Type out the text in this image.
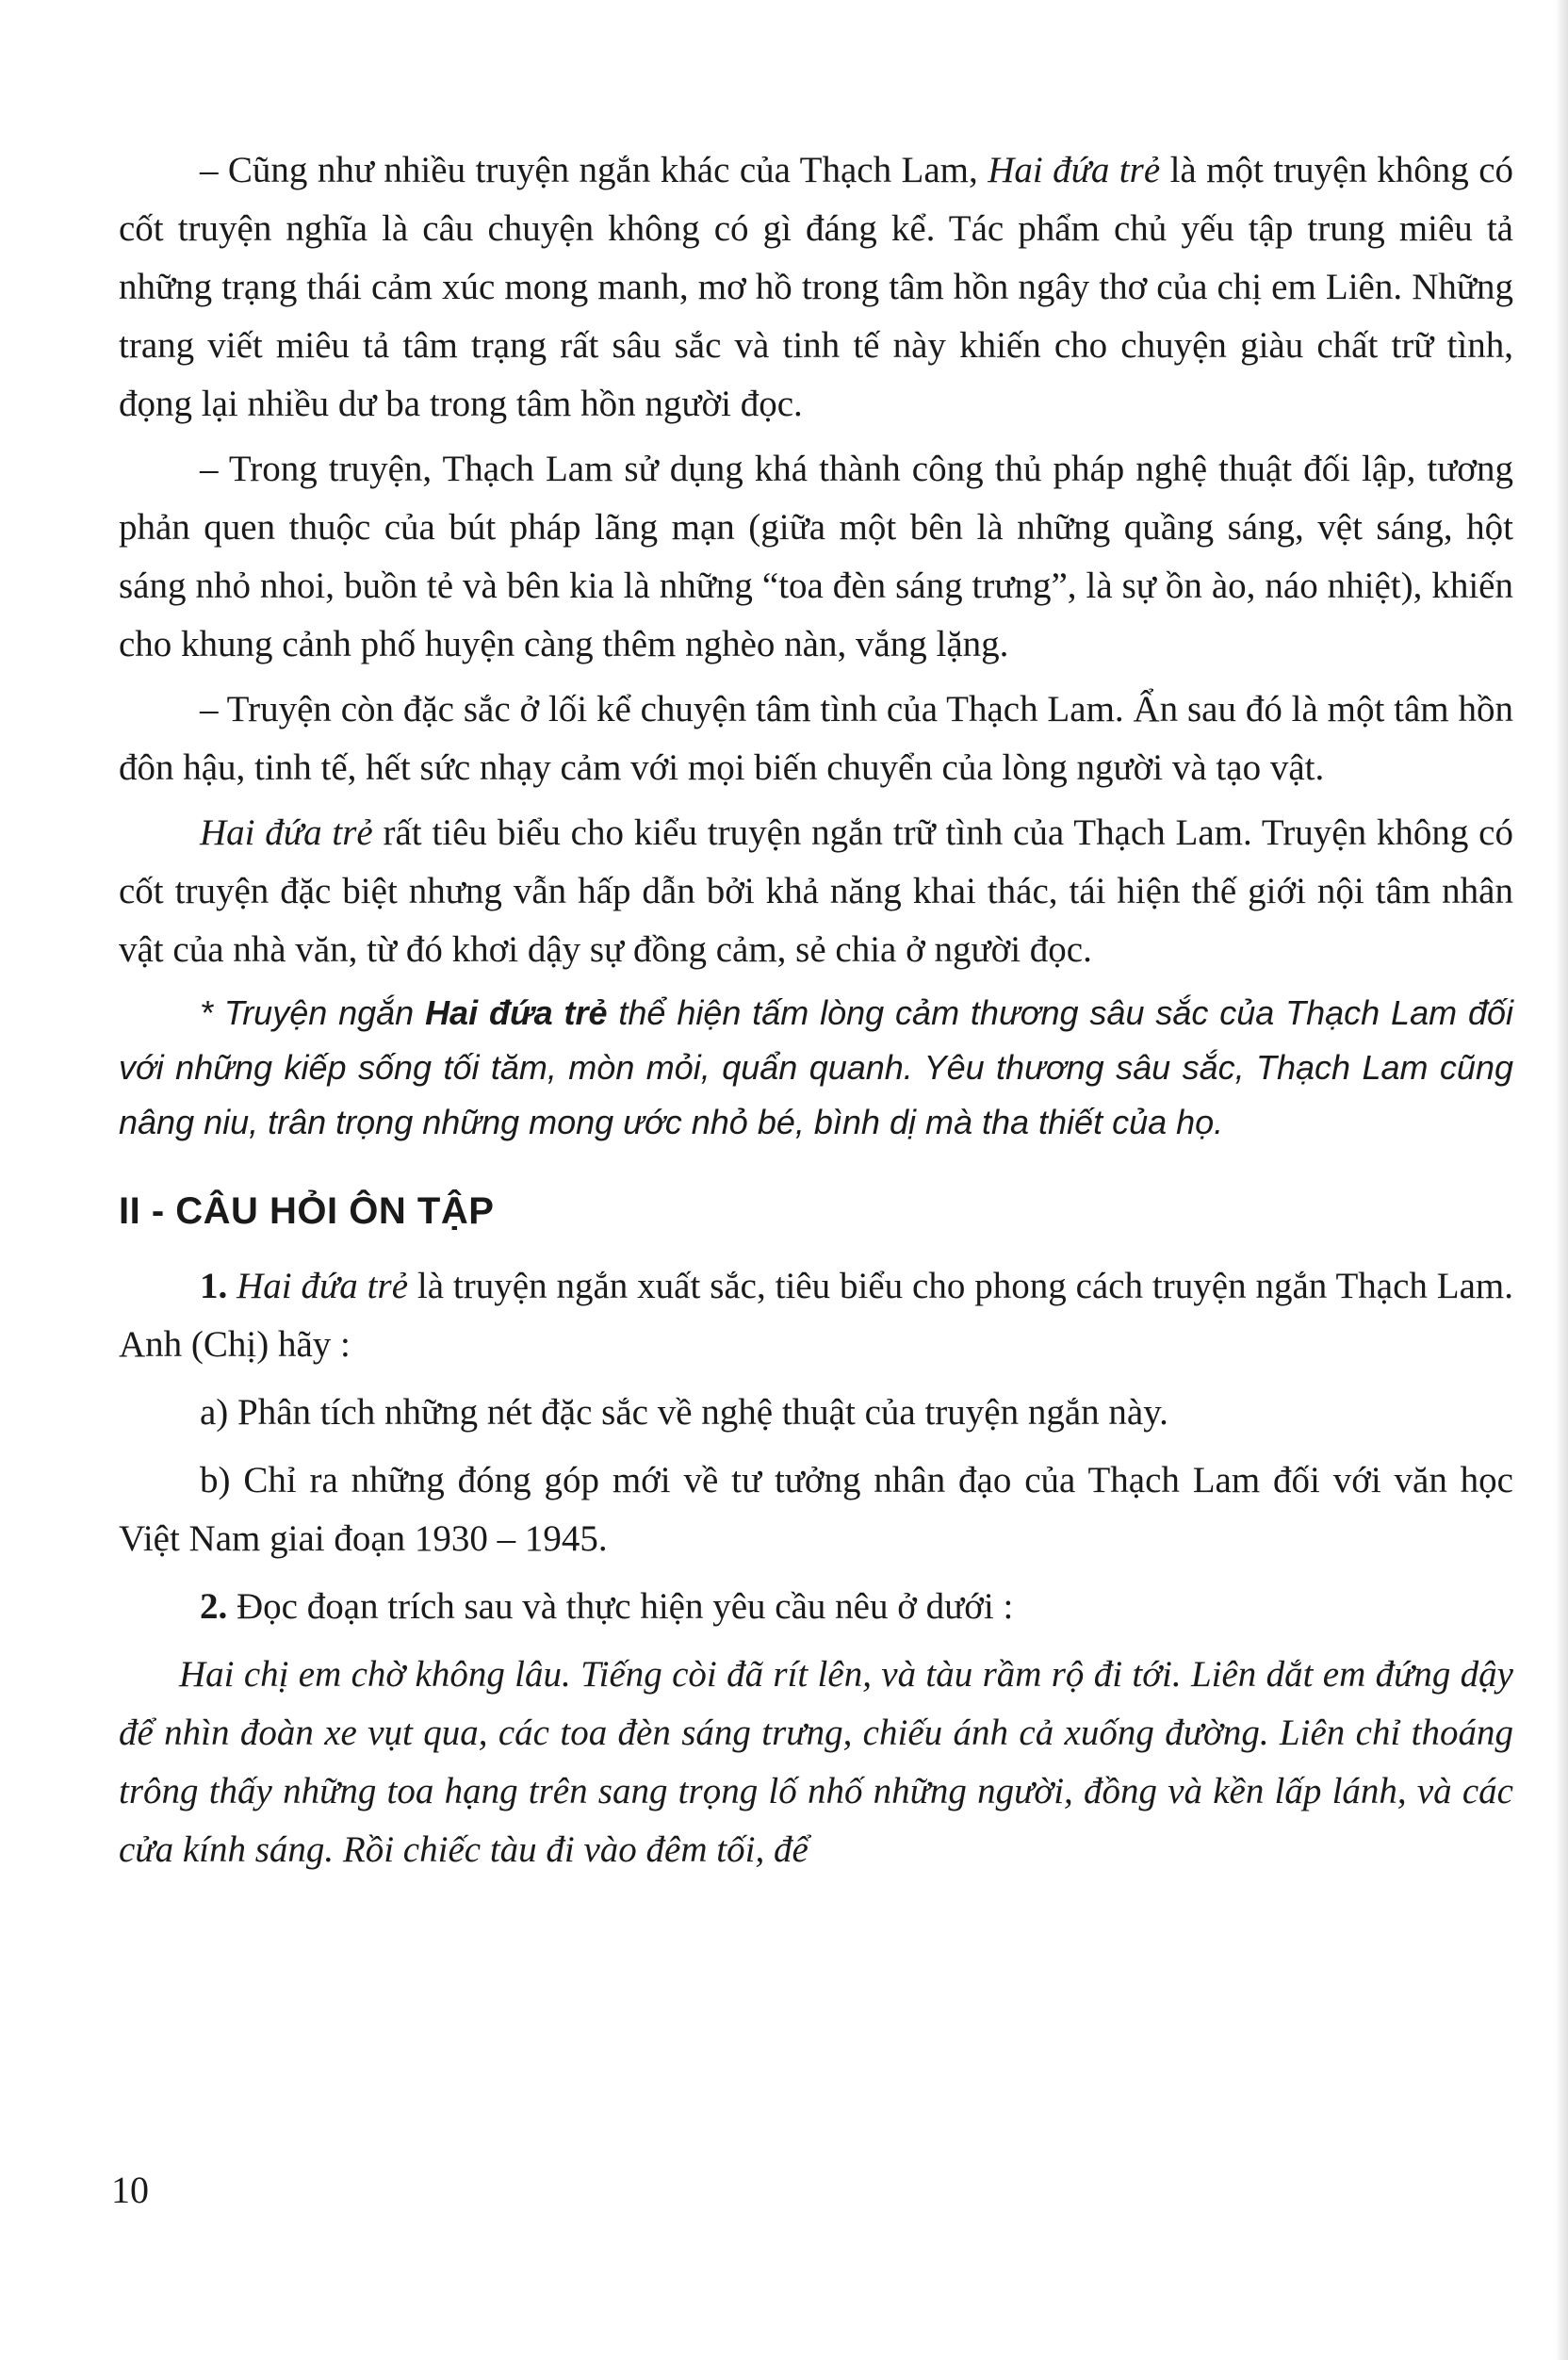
– Cũng như nhiều truyện ngắn khác của Thạch Lam, Hai đứa trẻ là một truyện không có cốt truyện nghĩa là câu chuyện không có gì đáng kể. Tác phẩm chủ yếu tập trung miêu tả những trạng thái cảm xúc mong manh, mơ hồ trong tâm hồn ngây thơ của chị em Liên. Những trang viết miêu tả tâm trạng rất sâu sắc và tinh tế này khiến cho chuyện giàu chất trữ tình, đọng lại nhiều dư ba trong tâm hồn người đọc.

– Trong truyện, Thạch Lam sử dụng khá thành công thủ pháp nghệ thuật đối lập, tương phản quen thuộc của bút pháp lãng mạn (giữa một bên là những quầng sáng, vệt sáng, hột sáng nhỏ nhoi, buồn tẻ và bên kia là những “toa đèn sáng trưng”, là sự ồn ào, náo nhiệt), khiến cho khung cảnh phố huyện càng thêm nghèo nàn, vắng lặng.

– Truyện còn đặc sắc ở lối kể chuyện tâm tình của Thạch Lam. Ẩn sau đó là một tâm hồn đôn hậu, tinh tế, hết sức nhạy cảm với mọi biến chuyển của lòng người và tạo vật.

Hai đứa trẻ rất tiêu biểu cho kiểu truyện ngắn trữ tình của Thạch Lam. Truyện không có cốt truyện đặc biệt nhưng vẫn hấp dẫn bởi khả năng khai thác, tái hiện thế giới nội tâm nhân vật của nhà văn, từ đó khơi dậy sự đồng cảm, sẻ chia ở người đọc.

* Truyện ngắn Hai đứa trẻ thể hiện tấm lòng cảm thương sâu sắc của Thạch Lam đối với những kiếp sống tối tăm, mòn mỏi, quẩn quanh. Yêu thương sâu sắc, Thạch Lam cũng nâng niu, trân trọng những mong ước nhỏ bé, bình dị mà tha thiết của họ.

II - CÂU HỎI ÔN TẬP

1. Hai đứa trẻ là truyện ngắn xuất sắc, tiêu biểu cho phong cách truyện ngắn Thạch Lam. Anh (Chị) hãy :

a) Phân tích những nét đặc sắc về nghệ thuật của truyện ngắn này.

b) Chỉ ra những đóng góp mới về tư tưởng nhân đạo của Thạch Lam đối với văn học Việt Nam giai đoạn 1930 – 1945.

2. Đọc đoạn trích sau và thực hiện yêu cầu nêu ở dưới :

Hai chị em chờ không lâu. Tiếng còi đã rít lên, và tàu rầm rộ đi tới. Liên dắt em đứng dậy để nhìn đoàn xe vụt qua, các toa đèn sáng trưng, chiếu ánh cả xuống đường. Liên chỉ thoáng trông thấy những toa hạng trên sang trọng lố nhố những người, đồng và kền lấp lánh, và các cửa kính sáng. Rồi chiếc tàu đi vào đêm tối, để

10
